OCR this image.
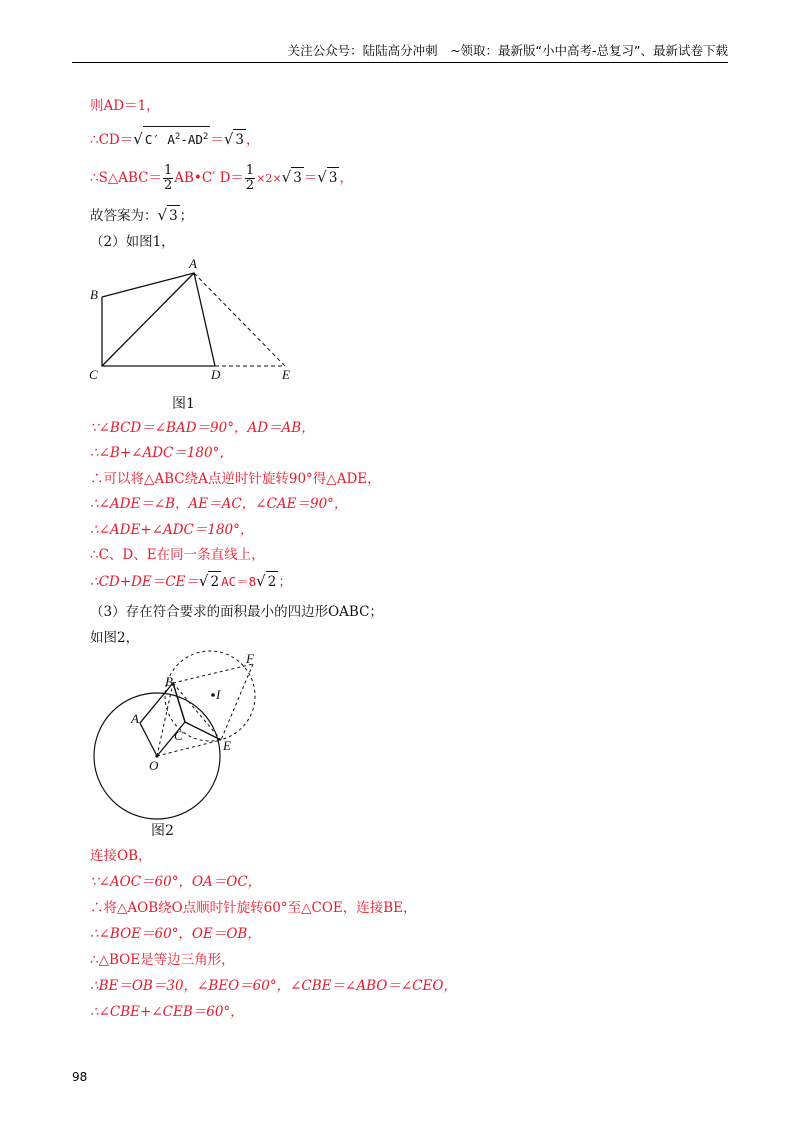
关注公众号：陆陆高分冲刺　~领取：最新版“小中高考-总复习”、最新试卷下载
则AD＝1，
∴CD＝√ C′ $A^2-AD^2$ ＝√ 3 ，
∴S△ABC＝ $\frac{1}{2}$ AB•C′ $D= \frac{1}{2} \times 2\times√$ 3 ＝√ 3 ，
故答案为：√ 3 ；
（2）如图1，
A
B
C	D	E
图1
∵∠BCD＝∠BAD＝90°，AD＝AB，
∴∠B+∠ADC＝180°，
∴可以将△ABC绕A点逆时针旋转90°得△ADE，
∴∠ADE＝∠B，AE＝AC，∠CAE＝90°，
∴∠ADE+∠ADC＝180°，
∴C、D、E在同一条直线上，
∴CD+DE＝CE＝√ 2 AC＝8√ 2 ；
（3）存在符合要求的面积最小的四边形OABC；
如图2，
A
B
C
O
E
F
I
图2
连接OB，
∵∠AOC＝60°，OA＝OC，
∴将△AOB绕O点顺时针旋转60°至△COE，连接BE，
∴∠BOE＝60°，OE＝OB，
∴△BOE是等边三角形，
∴BE＝OB＝30，∠BEO＝60°，∠CBE＝∠ABO＝∠CEO，
∴∠CBE+∠CEB＝60°，
98
